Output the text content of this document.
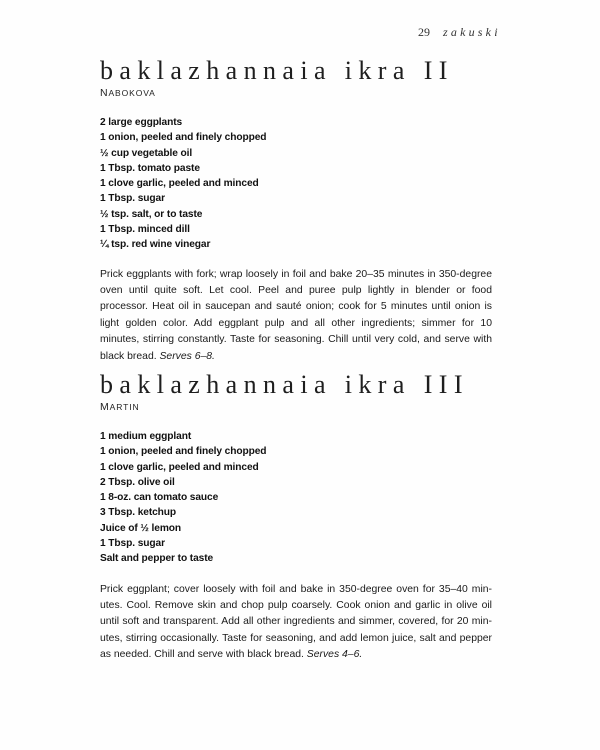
29 zakuski
baklazhannaia ikra II
NABOKOVA
2 large eggplants
1 onion, peeled and finely chopped
½ cup vegetable oil
1 Tbsp. tomato paste
1 clove garlic, peeled and minced
1 Tbsp. sugar
½ tsp. salt, or to taste
1 Tbsp. minced dill
¼ tsp. red wine vinegar

Prick eggplants with fork; wrap loosely in foil and bake 20–35 minutes in 350-degree oven until quite soft. Let cool. Peel and puree pulp lightly in blender or food processor. Heat oil in saucepan and sauté onion; cook for 5 minutes until onion is light golden color. Add eggplant pulp and all other ingredients; simmer for 10 minutes, stirring constantly. Taste for seasoning. Chill until very cold, and serve with black bread. Serves 6–8.

baklazhannaia ikra III
MARTIN
1 medium eggplant
1 onion, peeled and finely chopped
1 clove garlic, peeled and minced
2 Tbsp. olive oil
1 8-oz. can tomato sauce
3 Tbsp. ketchup
Juice of ½ lemon
1 Tbsp. sugar
Salt and pepper to taste

Prick eggplant; cover loosely with foil and bake in 350-degree oven for 35–40 min-utes. Cool. Remove skin and chop pulp coarsely. Cook onion and garlic in olive oil until soft and transparent. Add all other ingredients and simmer, covered, for 20 min-utes, stirring occasionally. Taste for seasoning, and add lemon juice, salt and pepper as needed. Chill and serve with black bread. Serves 4–6.
